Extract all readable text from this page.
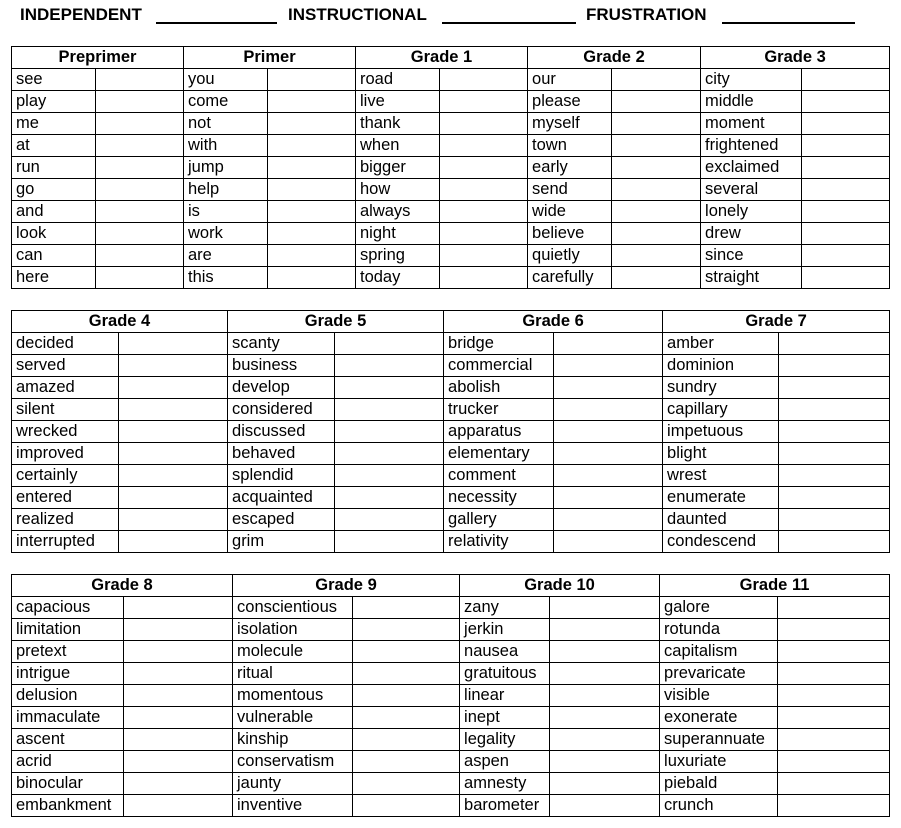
INDEPENDENT	INSTRUCTIONAL	FRUSTRATION
Preprimer		Primer		Grade 1		Grade 2		Grade 3	
see		you		road		our		city	
play		come		live		please		middle	
me		not		thank		myself		moment	
at		with		when		town		frightened	
run		jump		bigger		early		exclaimed	
go		help		how		send		several	
and		is		always		wide		lonely	
look		work		night		believe		drew	
can		are		spring		quietly		since	
here		this		today		carefully		straight	
Grade 4		Grade 5		Grade 6		Grade 7	
decided		scanty		bridge		amber	
served		business		commercial		dominion	
amazed		develop		abolish		sundry	
silent		considered		trucker		capillary	
wrecked		discussed		apparatus		impetuous	
improved		behaved		elementary		blight	
certainly		splendid		comment		wrest	
entered		acquainted		necessity		enumerate	
realized		escaped		gallery		daunted	
interrupted		grim		relativity		condescend	
Grade 8		Grade 9		Grade 10		Grade 11	
capacious		conscientious		zany		galore	
limitation		isolation		jerkin		rotunda	
pretext		molecule		nausea		capitalism	
intrigue		ritual		gratuitous		prevaricate	
delusion		momentous		linear		visible	
immaculate		vulnerable		inept		exonerate	
ascent		kinship		legality		superannuate	
acrid		conservatism		aspen		luxuriate	
binocular		jaunty		amnesty		piebald	
embankment		inventive		barometer		crunch	
